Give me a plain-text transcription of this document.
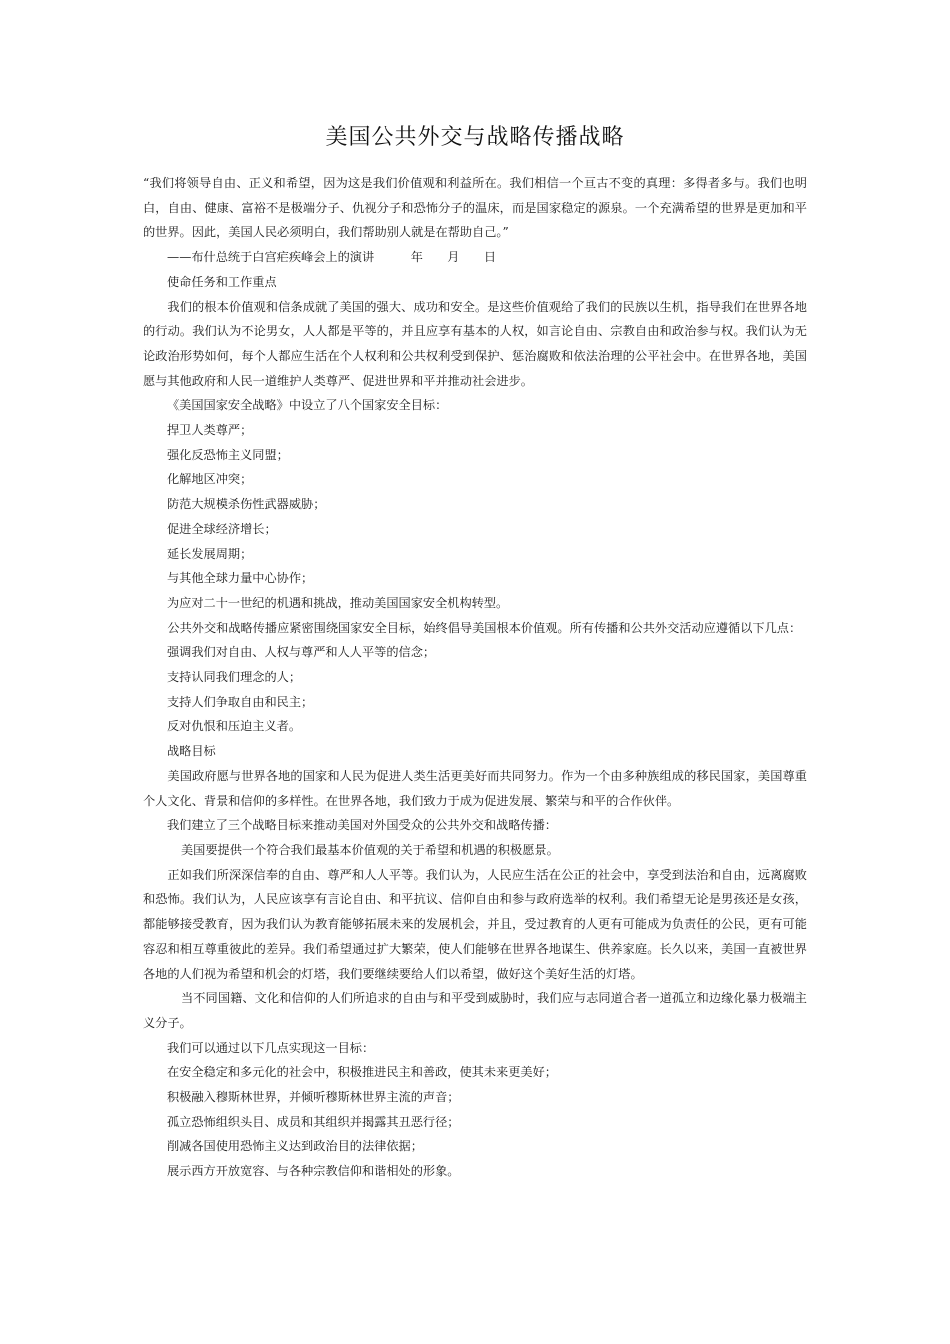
美国公共外交与战略传播战略

“我们将领导自由、正义和希望，因为这是我们价值观和利益所在。我们相信一个亘古不变的真理：多得者多与。我们也明白，自由、健康、富裕不是极端分子、仇视分子和恐怖分子的温床，而是国家稳定的源泉。一个充满希望的世界是更加和平的世界。因此，美国人民必须明白，我们帮助别人就是在帮助自己。”

——布什总统于白宫疟疾峰会上的演讲　　　年　　月　　日

使命任务和工作重点

我们的根本价值观和信条成就了美国的强大、成功和安全。是这些价值观给了我们的民族以生机，指导我们在世界各地的行动。我们认为不论男女，人人都是平等的，并且应享有基本的人权，如言论自由、宗教自由和政治参与权。我们认为无论政治形势如何，每个人都应生活在个人权利和公共权利受到保护、惩治腐败和依法治理的公平社会中。在世界各地，美国愿与其他政府和人民一道维护人类尊严、促进世界和平并推动社会进步。

《美国国家安全战略》中设立了八个国家安全目标：

捍卫人类尊严；

强化反恐怖主义同盟；

化解地区冲突；

防范大规模杀伤性武器威胁；

促进全球经济增长；

延长发展周期；

与其他全球力量中心协作；

为应对二十一世纪的机遇和挑战，推动美国国家安全机构转型。

公共外交和战略传播应紧密围绕国家安全目标，始终倡导美国根本价值观。所有传播和公共外交活动应遵循以下几点：

强调我们对自由、人权与尊严和人人平等的信念；

支持认同我们理念的人；

支持人们争取自由和民主；

反对仇恨和压迫主义者。

战略目标

美国政府愿与世界各地的国家和人民为促进人类生活更美好而共同努力。作为一个由多种族组成的移民国家，美国尊重个人文化、背景和信仰的多样性。在世界各地，我们致力于成为促进发展、繁荣与和平的合作伙伴。

我们建立了三个战略目标来推动美国对外国受众的公共外交和战略传播：

美国要提供一个符合我们最基本价值观的关于希望和机遇的积极愿景。

正如我们所深深信奉的自由、尊严和人人平等。我们认为，人民应生活在公正的社会中，享受到法治和自由，远离腐败和恐怖。我们认为，人民应该享有言论自由、和平抗议、信仰自由和参与政府选举的权利。我们希望无论是男孩还是女孩，都能够接受教育，因为我们认为教育能够拓展未来的发展机会，并且，受过教育的人更有可能成为负责任的公民，更有可能容忍和相互尊重彼此的差异。我们希望通过扩大繁荣，使人们能够在世界各地谋生、供养家庭。长久以来，美国一直被世界各地的人们视为希望和机会的灯塔，我们要继续要给人们以希望，做好这个美好生活的灯塔。

当不同国籍、文化和信仰的人们所追求的自由与和平受到威胁时，我们应与志同道合者一道孤立和边缘化暴力极端主义分子。

我们可以通过以下几点实现这一目标：

在安全稳定和多元化的社会中，积极推进民主和善政，使其未来更美好；

积极融入穆斯林世界，并倾听穆斯林世界主流的声音；

孤立恐怖组织头目、成员和其组织并揭露其丑恶行径；

削减各国使用恐怖主义达到政治目的法律依据；

展示西方开放宽容、与各种宗教信仰和谐相处的形象。
